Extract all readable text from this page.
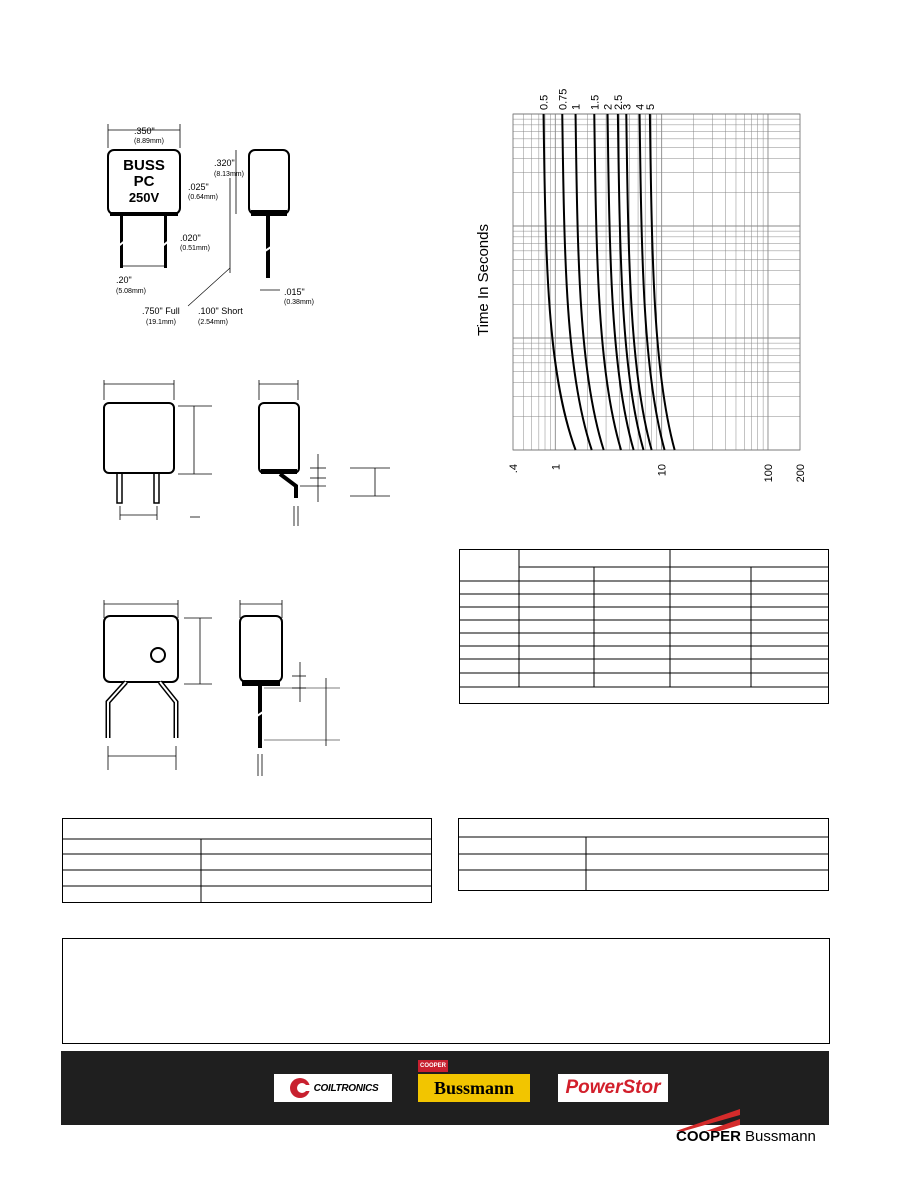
.350"
(8.89mm)
BUSS
PC
250V
.20"
(5.08mm)
.020"
(0.51mm)
.320"
(8.13mm)
.025"
(0.64mm)
.750" Full
(19.1mm)
.100" Short
(2.54mm)
.015"
(0.38mm)	Time In Seconds
.4	1	10	100 200
0.5 0.75 1 1.5 2
2.5
3 4
5
COILTRONICS	Bussmann
COOPER
PowerStor
COOPER Bussmann
